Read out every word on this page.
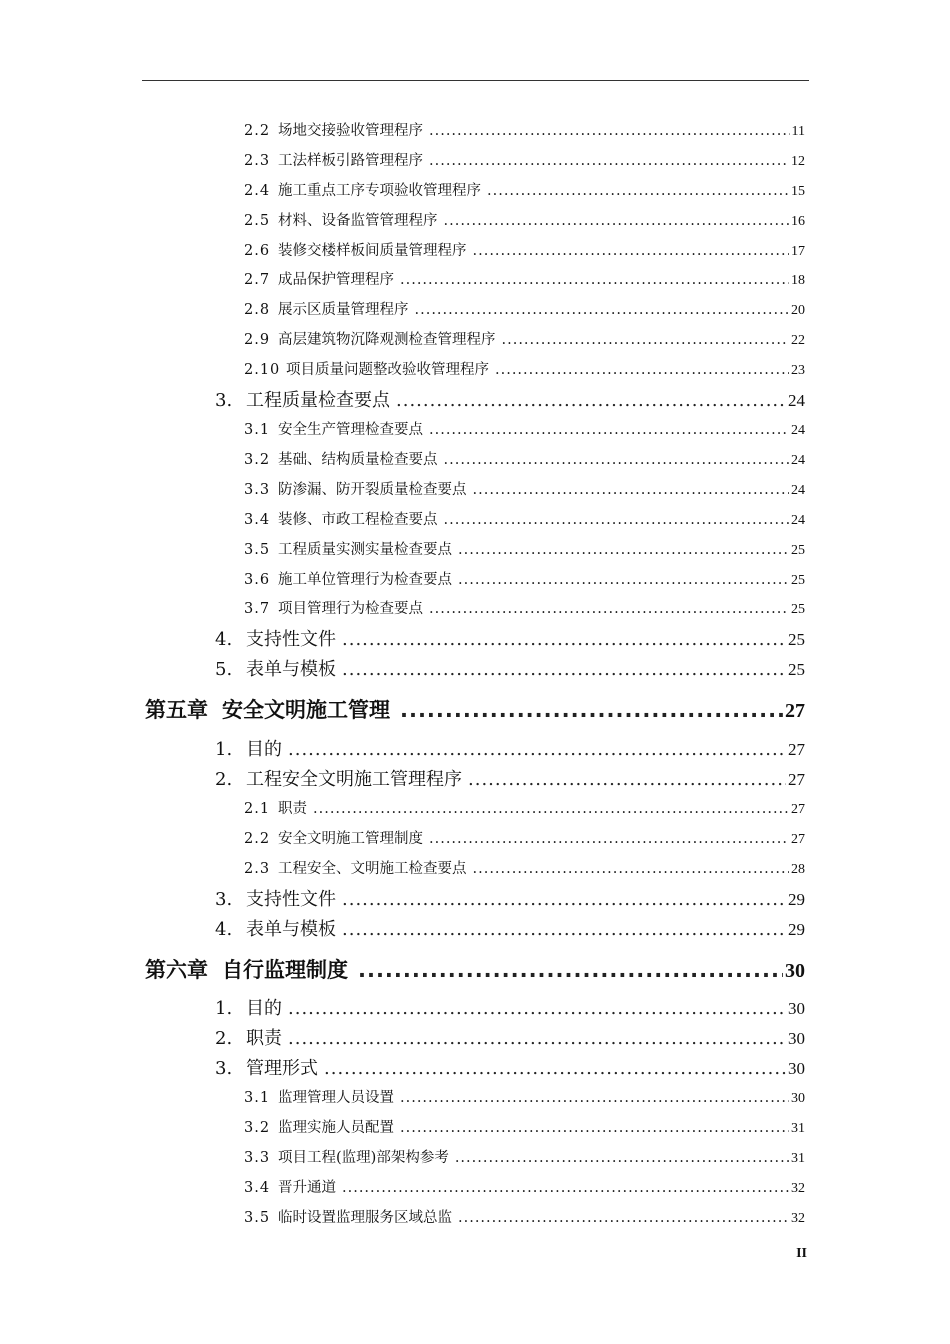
2.2 场地交接验收管理程序 .....	11
2.3 工法样板引路管理程序 .....	12
2.4 施工重点工序专项验收管理程序 .....	15
2.5 材料、设备监管管理程序 .....	16
2.6 装修交楼样板间质量管理程序 .....	17
2.7 成品保护管理程序 .....	18
2.8 展示区质量管理程序 .....	20
2.9 高层建筑物沉降观测检查管理程序 .....	22
2.10 项目质量问题整改验收管理程序 .....	23
3. 工程质量检查要点 .....	24
3.1 安全生产管理检查要点 .....	24
3.2 基础、结构质量检查要点 .....	24
3.3 防渗漏、防开裂质量检查要点 .....	24
3.4 装修、市政工程检查要点 .....	24
3.5 工程质量实测实量检查要点 .....	25
3.6 施工单位管理行为检查要点 .....	25
3.7 项目管理行为检查要点 .....	25
4. 支持性文件 .....	25
5. 表单与模板 .....	25
第五章 安全文明施工管理 .....	27
1. 目的 .....	27
2. 工程安全文明施工管理程序 .....	27
2.1 职责 .....	27
2.2 安全文明施工管理制度 .....	27
2.3 工程安全、文明施工检查要点 .....	28
3. 支持性文件 .....	29
4. 表单与模板 .....	29
第六章 自行监理制度 .....	30
1. 目的 .....	30
2. 职责 .....	30
3. 管理形式 .....	30
3.1 监理管理人员设置 .....	30
3.2 监理实施人员配置 .....	31
3.3 项目工程(监理)部架构参考 .....	31
3.4 晋升通道 .....	32
3.5 临时设置监理服务区域总监 .....	32
II
